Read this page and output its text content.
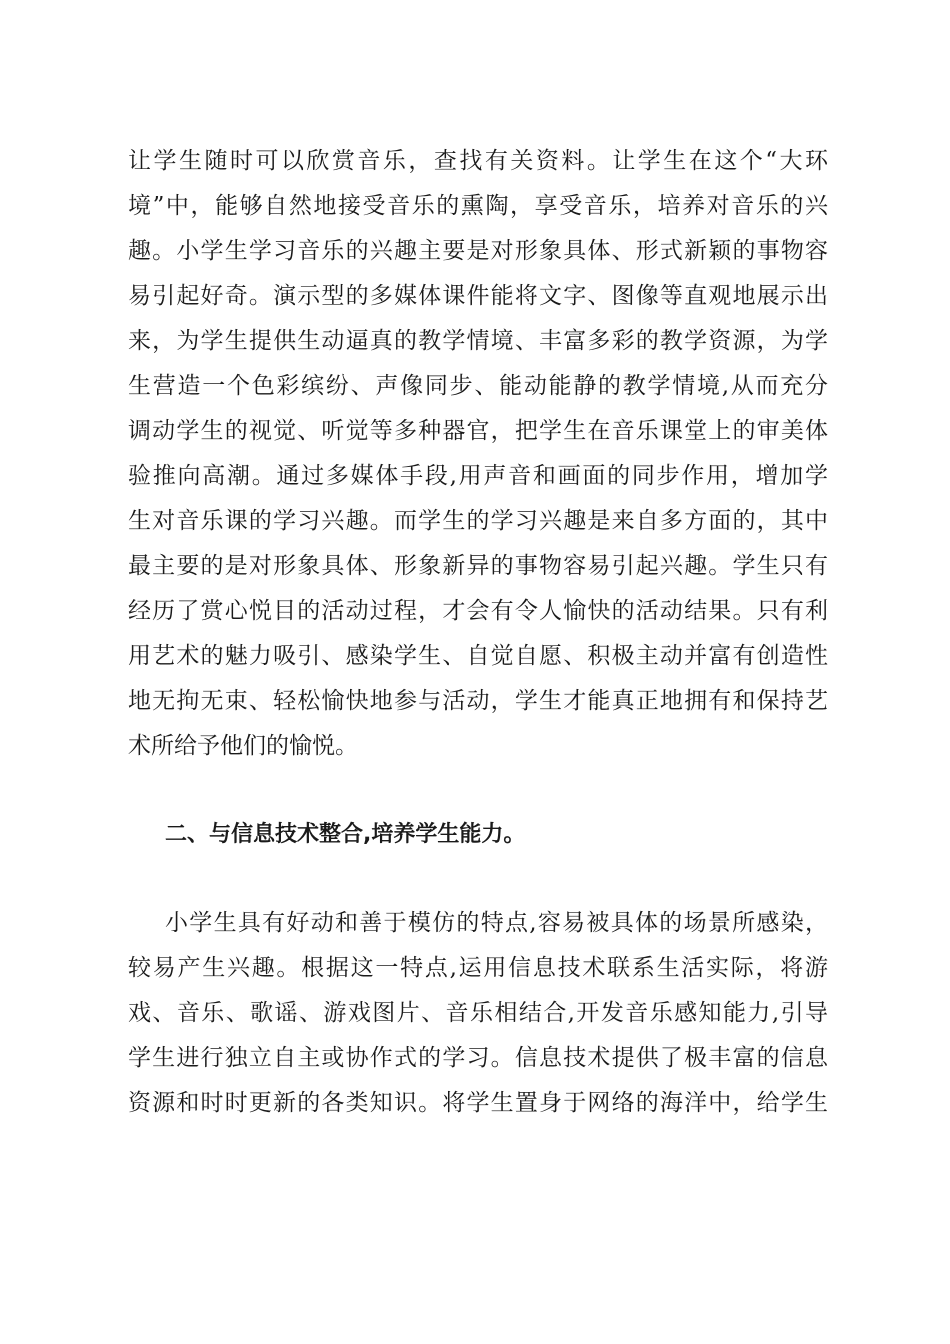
让学生随时可以欣赏音乐，查找有关资料。让学生在这个“大环
境”中，能够自然地接受音乐的熏陶，享受音乐，培养对音乐的兴
趣。小学生学习音乐的兴趣主要是对形象具体、形式新颖的事物容
易引起好奇。演示型的多媒体课件能将文字、图像等直观地展示出
来，为学生提供生动逼真的教学情境、丰富多彩的教学资源，为学
生营造一个色彩缤纷、声像同步、能动能静的教学情境,从而充分
调动学生的视觉、听觉等多种器官，把学生在音乐课堂上的审美体
验推向高潮。通过多媒体手段,用声音和画面的同步作用，增加学
生对音乐课的学习兴趣。而学生的学习兴趣是来自多方面的，其中
最主要的是对形象具体、形象新异的事物容易引起兴趣。学生只有
经历了赏心悦目的活动过程，才会有令人愉快的活动结果。只有利
用艺术的魅力吸引、感染学生、自觉自愿、积极主动并富有创造性
地无拘无束、轻松愉快地参与活动，学生才能真正地拥有和保持艺
术所给予他们的愉悦。
二、与信息技术整合,培养学生能力。
小学生具有好动和善于模仿的特点,容易被具体的场景所感染，
较易产生兴趣。根据这一特点,运用信息技术联系生活实际，将游
戏、音乐、歌谣、游戏图片、音乐相结合,开发音乐感知能力,引导
学生进行独立自主或协作式的学习。信息技术提供了极丰富的信息
资源和时时更新的各类知识。将学生置身于网络的海洋中，给学生
